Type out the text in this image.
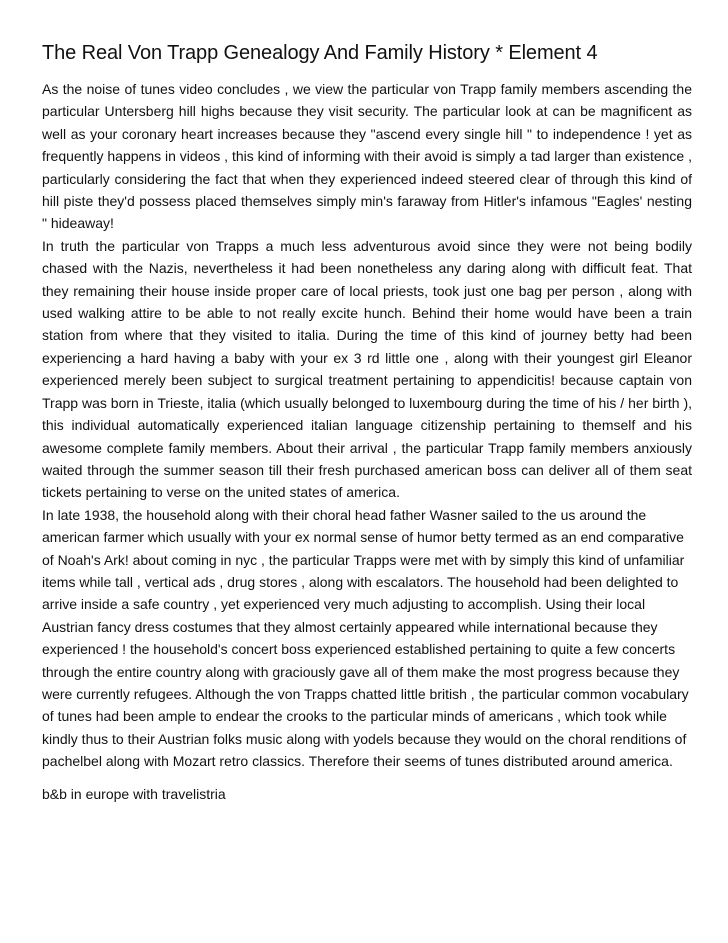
The Real Von Trapp Genealogy And Family History * Element 4

As the noise of tunes video concludes , we view the particular von Trapp family members ascending the particular Untersberg hill highs because they visit security. The particular look at can be magnificent as well as your coronary heart increases because they "ascend every single hill " to independence ! yet as frequently happens in videos , this kind of informing with their avoid is simply a tad larger than existence , particularly considering the fact that when they experienced indeed steered clear of through this kind of hill piste they'd possess placed themselves simply min's faraway from Hitler's infamous "Eagles' nesting " hideaway!

In truth the particular von Trapps a much less adventurous avoid since they were not being bodily chased with the Nazis, nevertheless it had been nonetheless any daring along with difficult feat. That they remaining their house inside proper care of local priests, took just one bag per person , along with used walking attire to be able to not really excite hunch. Behind their home would have been a train station from where that they visited to italia. During the time of this kind of journey betty had been experiencing a hard having a baby with your ex 3 rd little one , along with their youngest girl Eleanor experienced merely been subject to surgical treatment pertaining to appendicitis! because captain von Trapp was born in Trieste, italia (which usually belonged to luxembourg during the time of his / her birth ), this individual automatically experienced italian language citizenship pertaining to themself and his awesome complete family members. About their arrival , the particular Trapp family members anxiously waited through the summer season till their fresh purchased american boss can deliver all of them seat tickets pertaining to verse on the united states of america.

In late 1938, the household along with their choral head father Wasner sailed to the us around the american farmer which usually with your ex normal sense of humor betty termed as an end comparative of Noah's Ark! about coming in nyc , the particular Trapps were met with by simply this kind of unfamiliar items while tall , vertical ads , drug stores , along with escalators. The household had been delighted to arrive inside a safe country , yet experienced very much adjusting to accomplish. Using their local Austrian fancy dress costumes that they almost certainly appeared while international because they experienced ! the household's concert boss experienced established pertaining to quite a few concerts through the entire country along with graciously gave all of them make the most progress because they were currently refugees. Although the von Trapps chatted little british , the particular common vocabulary of tunes had been ample to endear the crooks to the particular minds of americans , which took while kindly thus to their Austrian folks music along with yodels because they would on the choral renditions of pachelbel along with Mozart retro classics. Therefore their seems of tunes distributed around america.

b&b in europe with travelistria
